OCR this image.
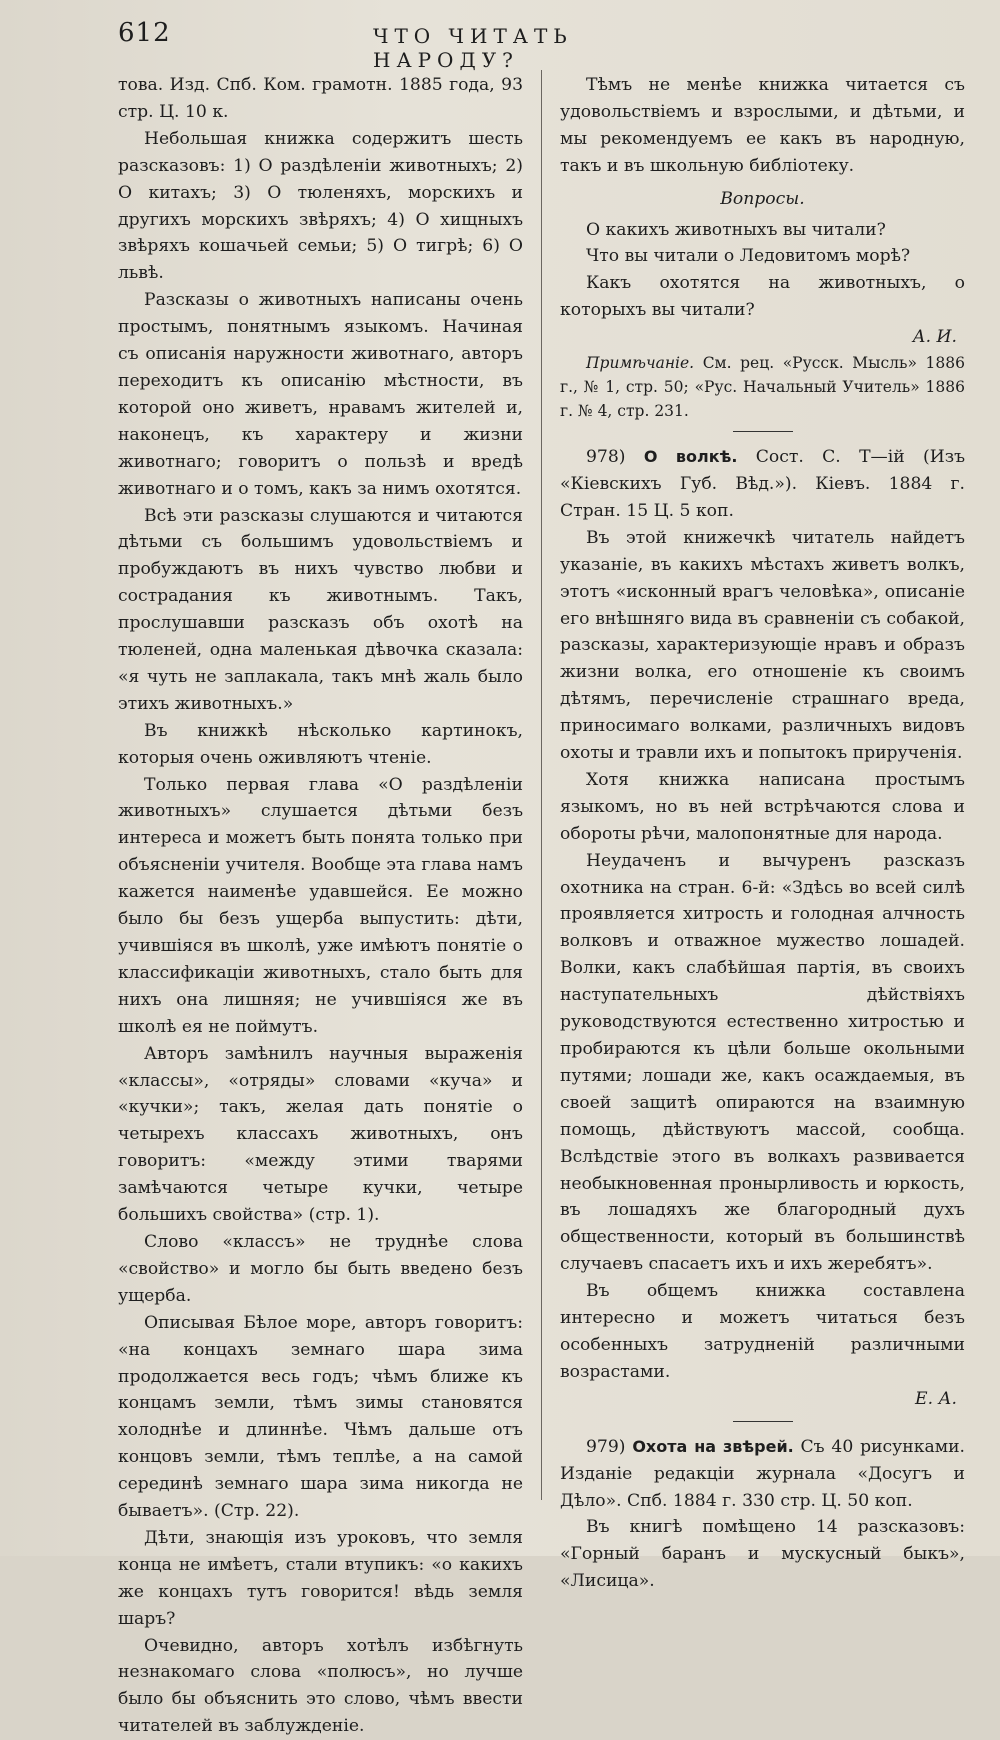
612	ЧТО ЧИТАТЬ НАРОДУ?

това. Изд. Спб. Ком. грамотн. 1885 года, 93 стр. Ц. 10 к.

Небольшая книжка содержитъ шесть разсказовъ: 1) О раздѣленіи животныхъ; 2) О китахъ; 3) О тюленяхъ, морскихъ и другихъ морскихъ звѣряхъ; 4) О хищныхъ звѣряхъ кошачьей семьи; 5) О тигрѣ; 6) О львѣ.

Разсказы о животныхъ написаны очень простымъ, понятнымъ языкомъ. Начиная съ описанія наружности животнаго, авторъ переходитъ къ описанію мѣстности, въ которой оно живетъ, нравамъ жителей и, наконецъ, къ характеру и жизни животнаго; говоритъ о пользѣ и вредѣ животнаго и о томъ, какъ за нимъ охотятся.

Всѣ эти разсказы слушаются и читаются дѣтьми съ большимъ удовольствіемъ и пробуждаютъ въ нихъ чувство любви и сострадания къ животнымъ. Такъ, прослушавши разсказъ объ охотѣ на тюленей, одна маленькая дѣвочка сказала: «я чуть не заплакала, такъ мнѣ жаль было этихъ животныхъ.»

Въ книжкѣ нѣсколько картинокъ, которыя очень оживляютъ чтеніе.

Только первая глава «О раздѣленіи животныхъ» слушается дѣтьми безъ интереса и можетъ быть понята только при объясненіи учителя. Вообще эта глава намъ кажется наименѣе удавшейся. Ее можно было бы безъ ущерба выпустить: дѣти, учившіяся въ школѣ, уже имѣютъ понятіе о классификаціи животныхъ, стало быть для нихъ она лишняя; не учившіяся же въ школѣ ея не поймутъ.

Авторъ замѣнилъ научныя выраженія «классы», «отряды» словами «куча» и «кучки»; такъ, желая дать понятіе о четырехъ классахъ животныхъ, онъ говоритъ: «между этими тварями замѣчаются четыре кучки, четыре большихъ свойства» (стр. 1).

Слово «классъ» не труднѣе слова «свойство» и могло бы быть введено безъ ущерба.

Описывая Бѣлое море, авторъ говоритъ: «на концахъ земнаго шара зима продолжается весь годъ; чѣмъ ближе къ концамъ земли, тѣмъ зимы становятся холоднѣе и длиннѣе. Чѣмъ дальше отъ концовъ земли, тѣмъ теплѣе, а на самой серединѣ земнаго шара зима никогда не бываетъ». (Стр. 22).

Дѣти, знающія изъ уроковъ, что земля конца не имѣетъ, стали втупикъ: «о какихъ же концахъ тутъ говорится! вѣдь земля шаръ?

Очевидно, авторъ хотѣлъ избѣгнуть незнакомаго слова «полюсъ», но лучше было бы объяснить это слово, чѣмъ ввести читателей въ заблужденіе.

Тѣмъ не менѣе книжка читается съ удовольствіемъ и взрослыми, и дѣтьми, и мы рекомендуемъ ее какъ въ народную, такъ и въ школьную библіотеку.

Вопросы.

О какихъ животныхъ вы читали?

Что вы читали о Ледовитомъ морѣ?

Какъ охотятся на животныхъ, о которыхъ вы читали?

А. И.

Примѣчаніе. См. рец. «Русск. Мысль» 1886 г., № 1, стр. 50; «Рус. Начальный Учитель» 1886 г. № 4, стр. 231.

978) О волкѣ. Сост. С. Т—ій (Изъ «Кіевскихъ Губ. Вѣд.»). Кіевъ. 1884 г. Стран. 15 Ц. 5 коп.

Въ этой книжечкѣ читатель найдетъ указаніе, въ какихъ мѣстахъ живетъ волкъ, этотъ «исконный врагъ человѣка», описаніе его внѣшняго вида въ сравненіи съ собакой, разсказы, характеризующіе нравъ и образъ жизни волка, его отношеніе къ своимъ дѣтямъ, перечисленіе страшнаго вреда, приносимаго волками, различныхъ видовъ охоты и травли ихъ и попытокъ прирученія.

Хотя книжка написана простымъ языкомъ, но въ ней встрѣчаются слова и обороты рѣчи, малопонятные для народа.

Неудаченъ и вычуренъ разсказъ охотника на стран. 6-й: «Здѣсь во всей силѣ проявляется хитрость и голодная алчность волковъ и отважное мужество лошадей. Волки, какъ слабѣйшая партія, въ своихъ наступательныхъ дѣйствіяхъ руководствуются естественно хитростью и пробираются къ цѣли больше окольными путями; лошади же, какъ осаждаемыя, въ своей защитѣ опираются на взаимную помощь, дѣйствуютъ массой, сообща. Вслѣдствіе этого въ волкахъ развивается необыкновенная пронырливость и юркость, въ лошадяхъ же благородный духъ общественности, который въ большинствѣ случаевъ спасаетъ ихъ и ихъ жеребятъ».

Въ общемъ книжка составлена интересно и можетъ читаться безъ особенныхъ затрудненій различными возрастами.

Е. А.

979) Охота на звѣрей. Съ 40 рисунками. Изданіе редакціи журнала «Досугъ и Дѣло». Спб. 1884 г. 330 стр. Ц. 50 коп.

Въ книгѣ помѣщено 14 разсказовъ: «Горный баранъ и мускусный быкъ», «Лисица».
